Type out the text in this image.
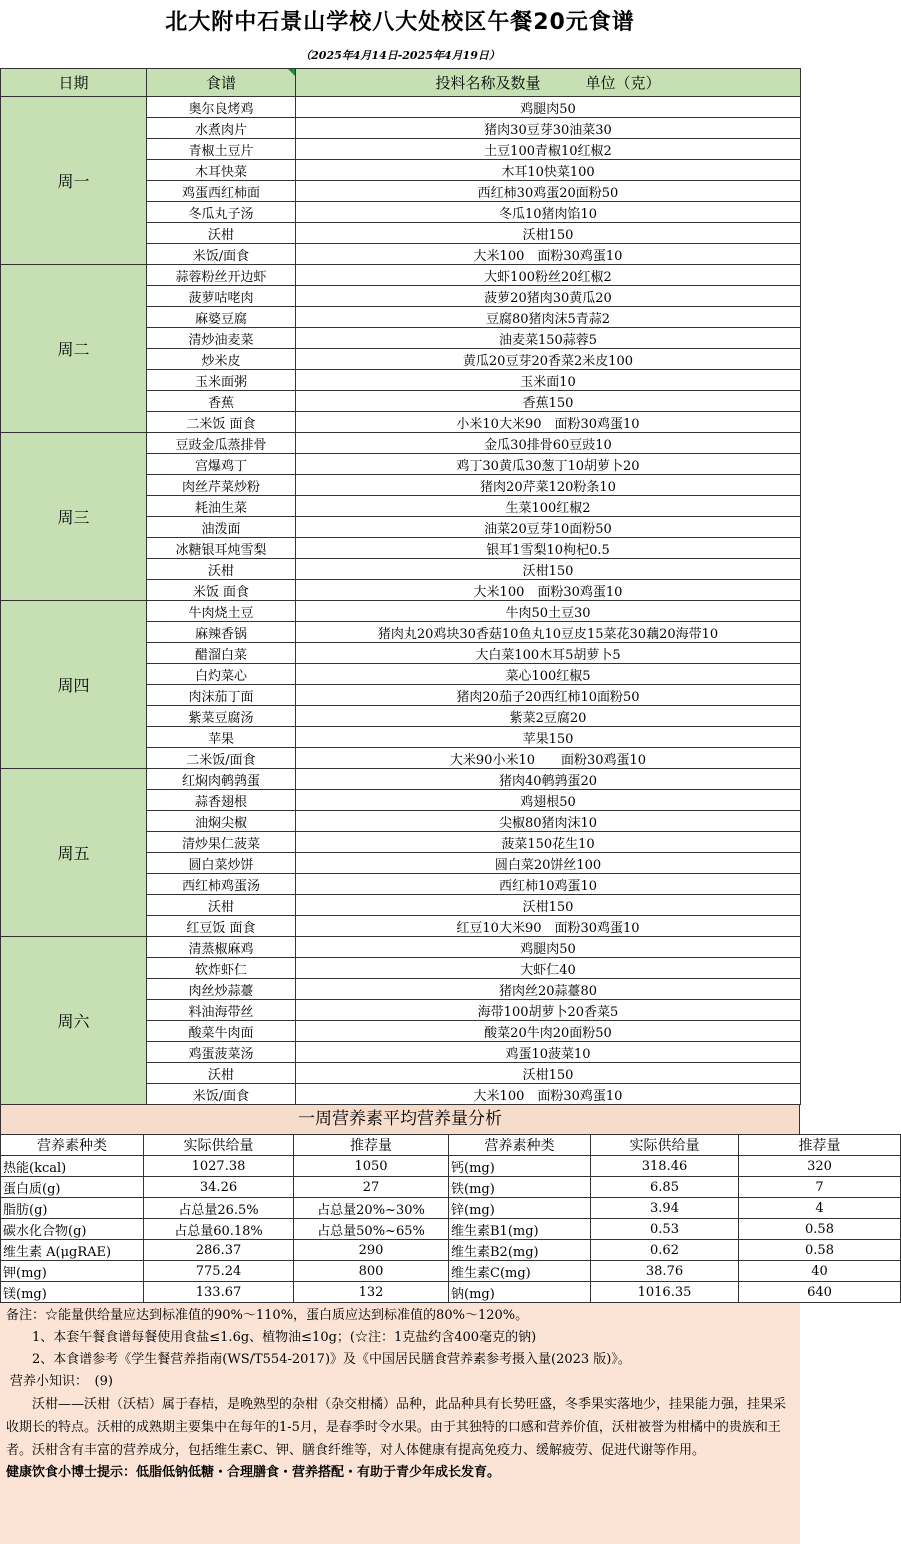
北大附中石景山学校八大处校区午餐20元食谱
（2025年4月14日-2025年4月19日）
日期	食谱	投料名称及数量　　　单位（克）
周一	奥尔良烤鸡	鸡腿肉50
	水煮肉片	猪肉30豆芽30油菜30
	青椒土豆片	土豆100青椒10红椒2
	木耳快菜	木耳10快菜100
	鸡蛋西红柿面	西红柿30鸡蛋20面粉50
	冬瓜丸子汤	冬瓜10猪肉馅10
	沃柑	沃柑150
	米饭/面食	大米100　面粉30鸡蛋10
周二	蒜蓉粉丝开边虾	大虾100粉丝20红椒2
	菠萝咕咾肉	菠萝20猪肉30黄瓜20
	麻婆豆腐	豆腐80猪肉沫5青蒜2
	清炒油麦菜	油麦菜150蒜蓉5
	炒米皮	黄瓜20豆芽20香菜2米皮100
	玉米面粥	玉米面10
	香蕉	香蕉150
	二米饭 面食	小米10大米90　面粉30鸡蛋10
周三	豆豉金瓜蒸排骨	金瓜30排骨60豆豉10
	宫爆鸡丁	鸡丁30黄瓜30葱丁10胡萝卜20
	肉丝芹菜炒粉	猪肉20芹菜120粉条10
	耗油生菜	生菜100红椒2
	油泼面	油菜20豆芽10面粉50
	冰糖银耳炖雪梨	银耳1雪梨10枸杞0.5
	沃柑	沃柑150
	米饭 面食	大米100　面粉30鸡蛋10
周四	牛肉烧土豆	牛肉50土豆30
	麻辣香锅	猪肉丸20鸡块30香菇10鱼丸10豆皮15菜花30藕20海带10
	醋溜白菜	大白菜100木耳5胡萝卜5
	白灼菜心	菜心100红椒5
	肉沫茄丁面	猪肉20茄子20西红柿10面粉50
	紫菜豆腐汤	紫菜2豆腐20
	苹果	苹果150
	二米饭/面食	大米90小米10　　面粉30鸡蛋10
周五	红焖肉鹌鹑蛋	猪肉40鹌鹑蛋20
	蒜香翅根	鸡翅根50
	油焖尖椒	尖椒80猪肉沫10
	清炒果仁菠菜	菠菜150花生10
	圆白菜炒饼	圆白菜20饼丝100
	西红柿鸡蛋汤	西红柿10鸡蛋10
	沃柑	沃柑150
	红豆饭 面食	红豆10大米90　面粉30鸡蛋10
周六	清蒸椒麻鸡	鸡腿肉50
	软炸虾仁	大虾仁40
	肉丝炒蒜薹	猪肉丝20蒜薹80
	料油海带丝	海带100胡萝卜20香菜5
	酸菜牛肉面	酸菜20牛肉20面粉50
	鸡蛋菠菜汤	鸡蛋10菠菜10
	沃柑	沃柑150
	米饭/面食	大米100　面粉30鸡蛋10
一周营养素平均营养量分析
营养素种类	实际供给量	推荐量	营养素种类	实际供给量	推荐量
热能(kcal)	1027.38	1050	钙(mg)	318.46	320
蛋白质(g)	34.26	27	铁(mg)	6.85	7
脂肪(g)	占总量26.5%	占总量20%~30%	锌(mg)	3.94	4
碳水化合物(g)	占总量60.18%	占总量50%~65%	维生素B1(mg)	0.53	0.58
维生素 A(μgRAE)	286.37	290	维生素B2(mg)	0.62	0.58
钾(mg)	775.24	800	维生素C(mg)	38.76	40
镁(mg)	133.67	132	钠(mg)	1016.35	640
备注：☆能量供给量应达到标准值的90%～110%，蛋白质应达到标准值的80%～120%。
1、本套午餐食谱每餐使用食盐≤1.6g、植物油≤10g；(☆注：1克盐约含400毫克的钠)
2、本食谱参考《学生餐营养指南(WS/T554-2017)》及《中国居民膳食营养素参考摄入量(2023 版)》。
营养小知识：　(9)
沃柑——沃柑（沃桔）属于春桔，是晚熟型的杂柑（杂交柑橘）品种，此品种具有长势旺盛，冬季果实落地少，挂果能力强，挂果采收期长的特点。沃柑的成熟期主要集中在每年的1-5月，是春季时令水果。由于其独特的口感和营养价值，沃柑被誉为柑橘中的贵族和王者。沃柑含有丰富的营养成分，包括维生素C、钾、膳食纤维等，对人体健康有提高免疫力、缓解疲劳、促进代谢等作用。
健康饮食小博士提示：低脂低钠低糖・合理膳食・营养搭配・有助于青少年成长发育。
